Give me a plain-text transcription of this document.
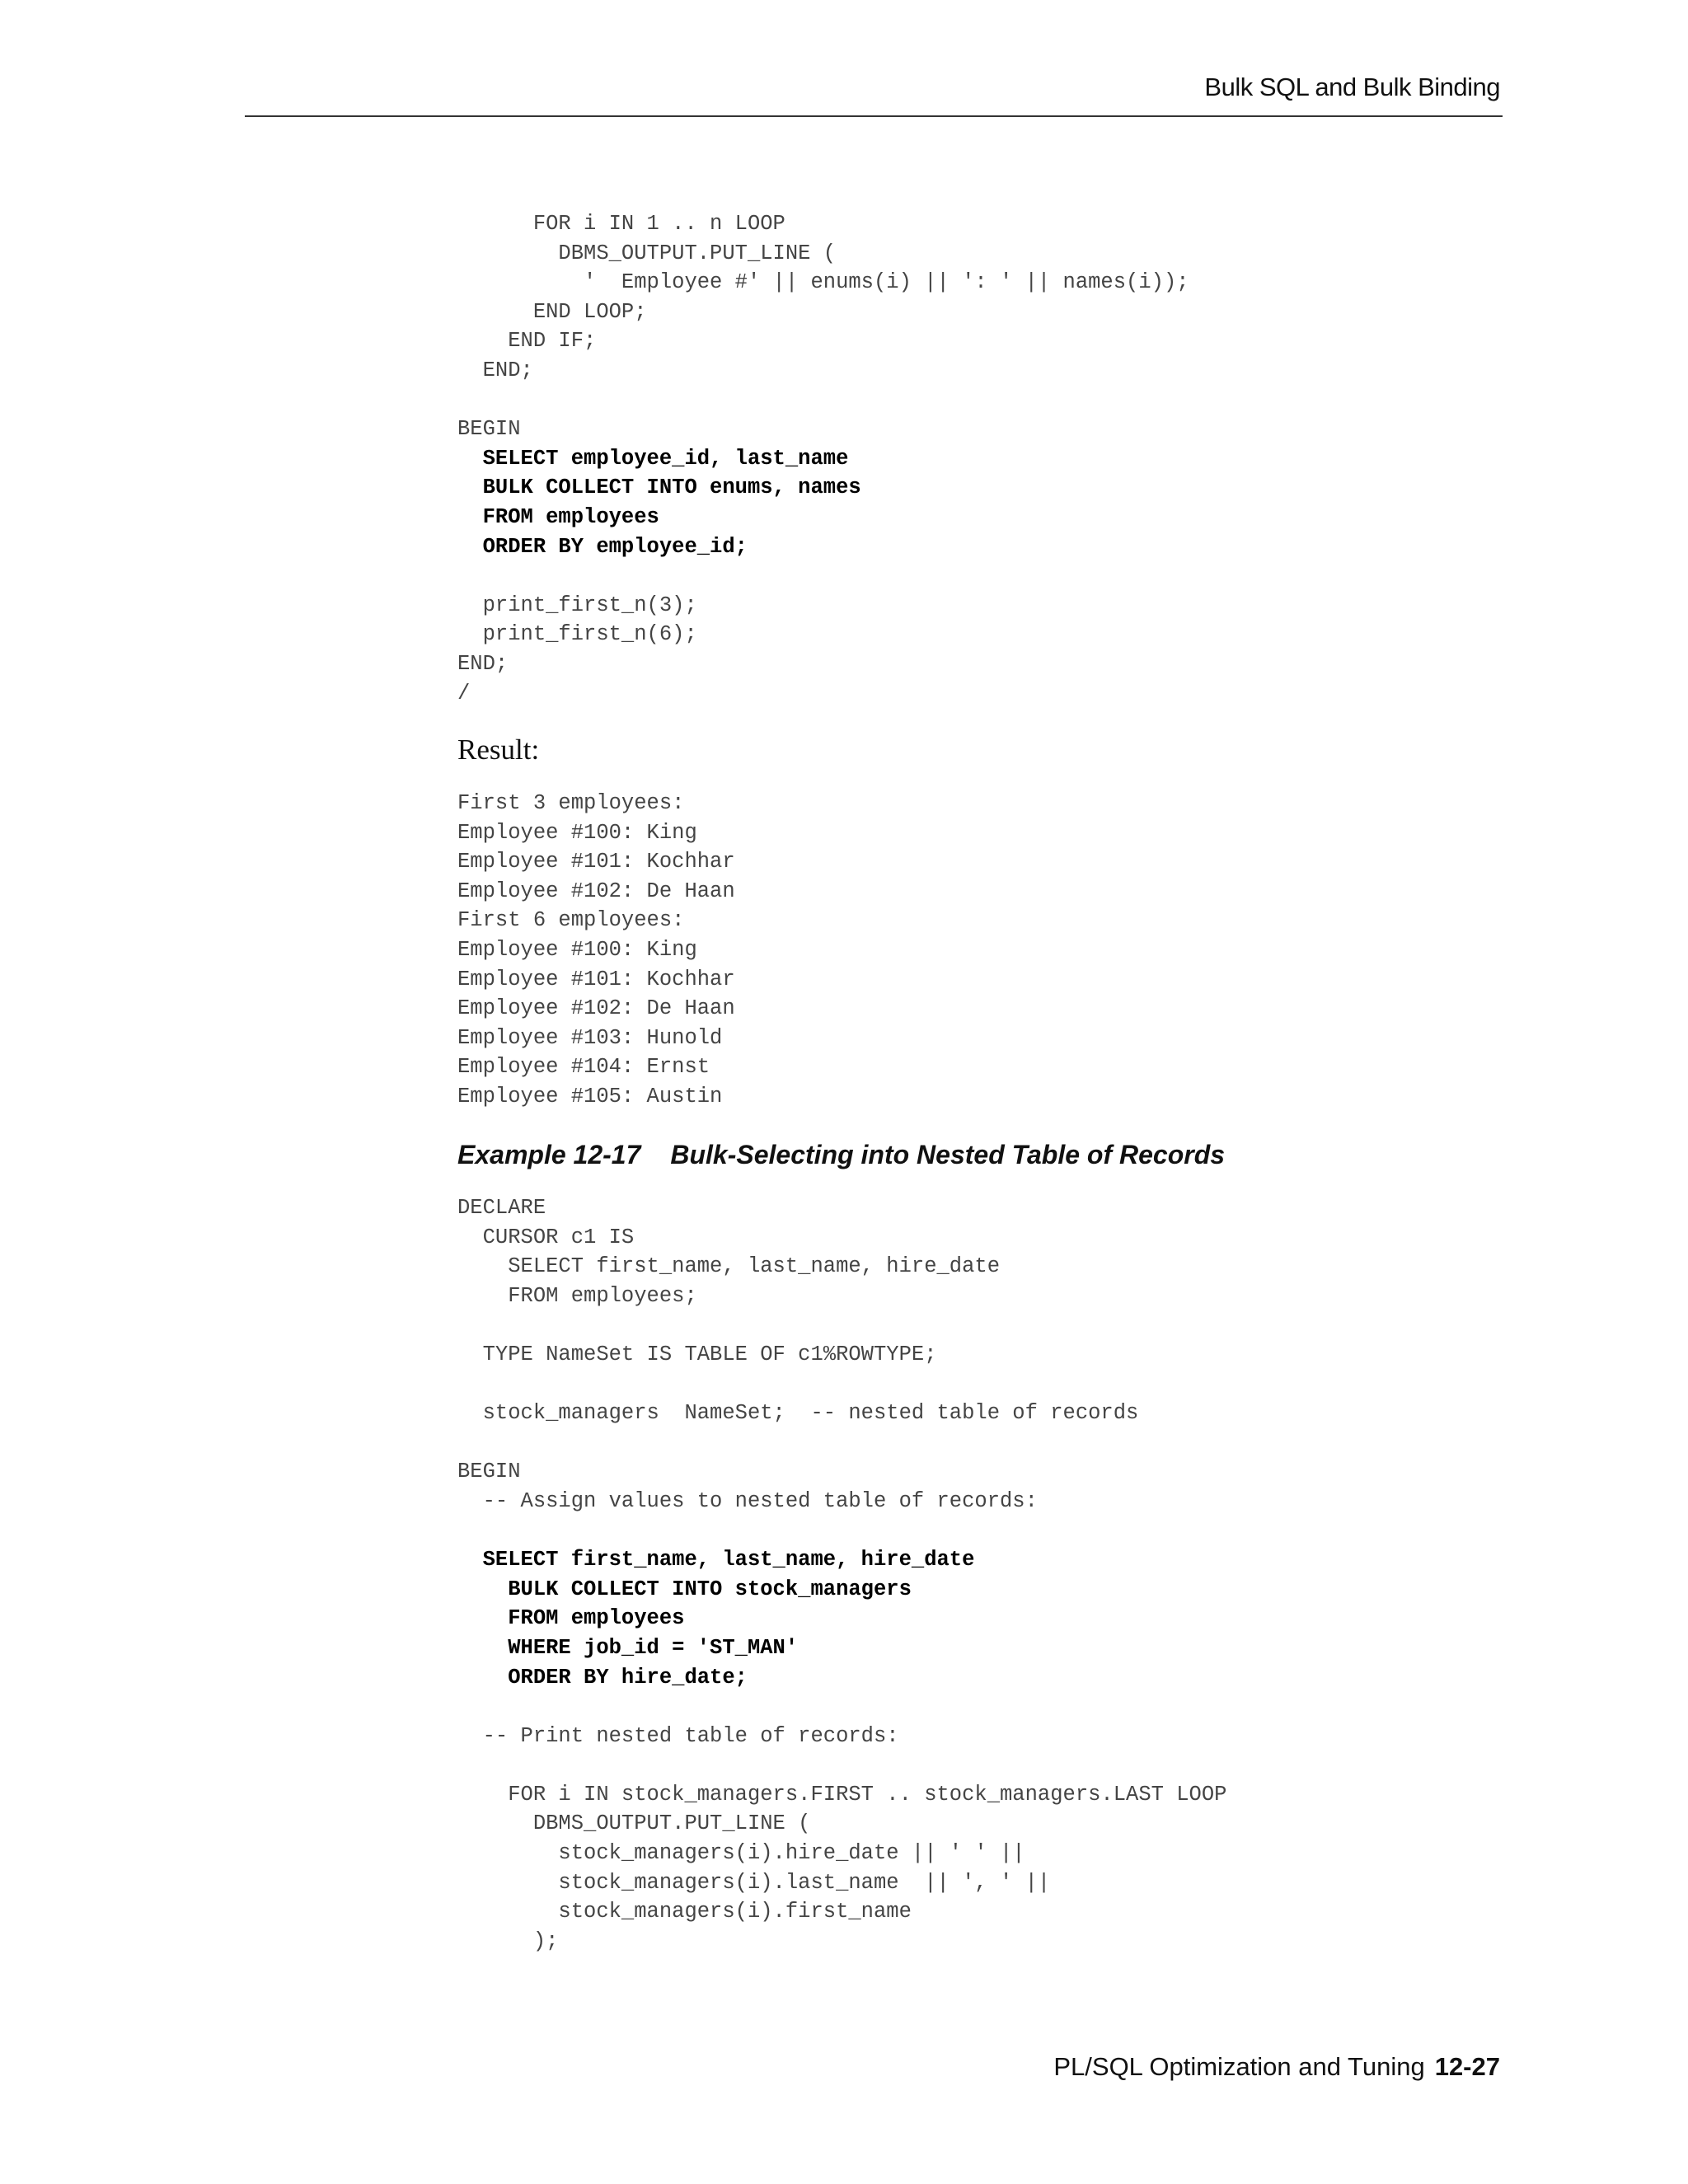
Bulk SQL and Bulk Binding
FOR i IN 1 .. n LOOP
DBMS_OUTPUT.PUT_LINE (
'  Employee #' || enums(i) || ': ' || names(i));
END LOOP;
END IF;
END;
BEGIN
SELECT employee_id, last_name
BULK COLLECT INTO enums, names
FROM employees
ORDER BY employee_id;
print_first_n(3);
print_first_n(6);
END;
/
Result:
First 3 employees:
Employee #100: King
Employee #101: Kochhar
Employee #102: De Haan
First 6 employees:
Employee #100: King
Employee #101: Kochhar
Employee #102: De Haan
Employee #103: Hunold
Employee #104: Ernst
Employee #105: Austin
Example 12-17 Bulk-Selecting into Nested Table of Records
DECLARE
CURSOR c1 IS
SELECT first_name, last_name, hire_date
FROM employees;
TYPE NameSet IS TABLE OF c1%ROWTYPE;
stock_managers  NameSet;  -- nested table of records
BEGIN
-- Assign values to nested table of records:
SELECT first_name, last_name, hire_date
BULK COLLECT INTO stock_managers
FROM employees
WHERE job_id = 'ST_MAN'
ORDER BY hire_date;
-- Print nested table of records:
FOR i IN stock_managers.FIRST .. stock_managers.LAST LOOP
DBMS_OUTPUT.PUT_LINE (
stock_managers(i).hire_date || ' ' ||
stock_managers(i).last_name  || ', ' ||
stock_managers(i).first_name
);
PL/SQL Optimization and Tuning 12-27
